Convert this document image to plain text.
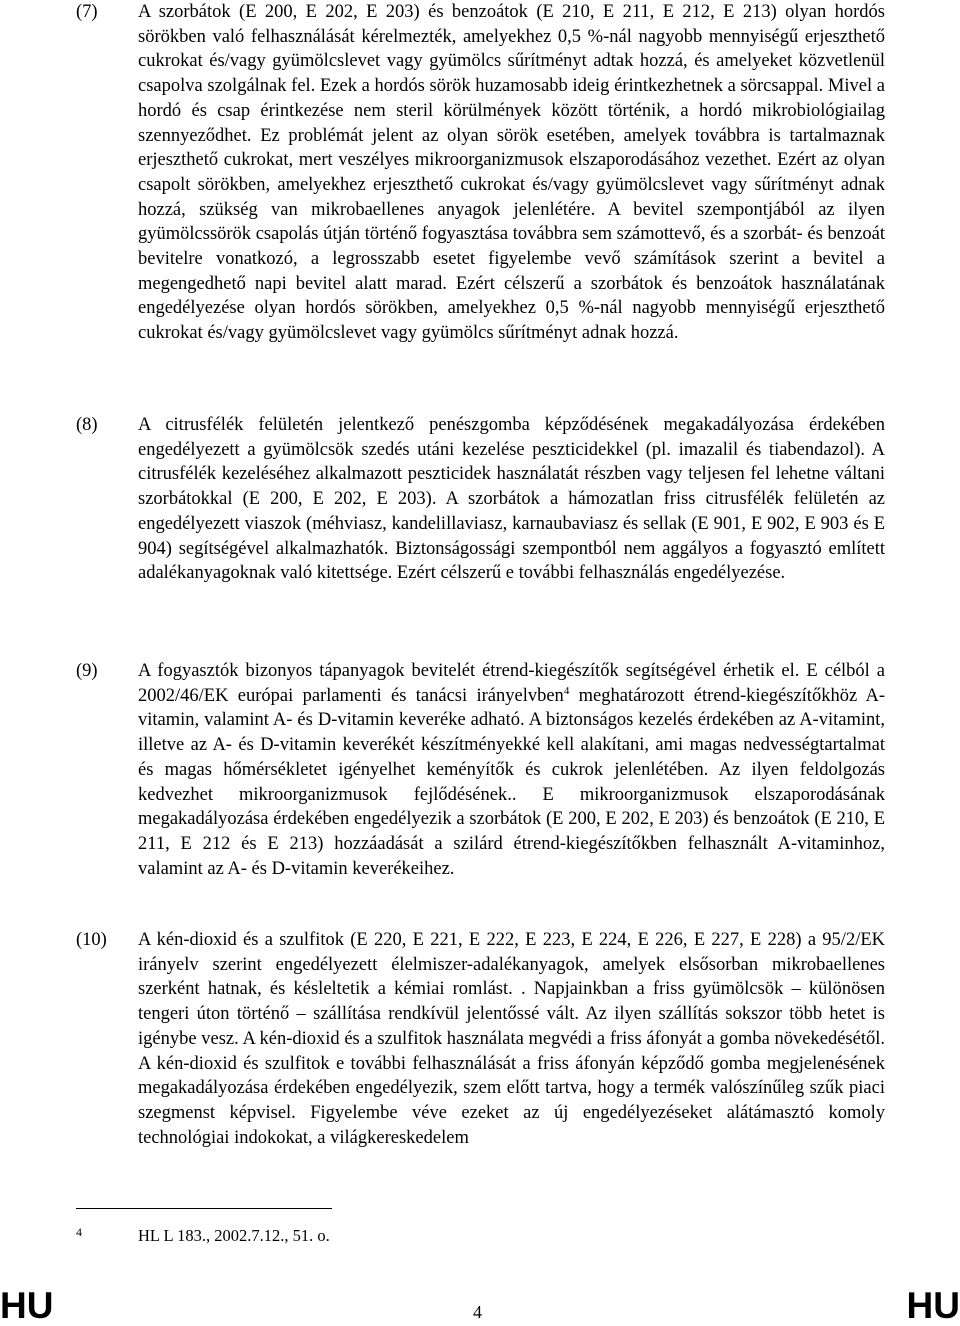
(7) A szorbátok (E 200, E 202, E 203) és benzoátok (E 210, E 211, E 212, E 213) olyan hordós sörökben való felhasználását kérelmezték, amelyekhez 0,5 %-nál nagyobb mennyiségű erjeszthető cukrokat és/vagy gyümölcslevet vagy gyümölcs sűrítményt adtak hozzá, és amelyeket közvetlenül csapolva szolgálnak fel. Ezek a hordós sörök huzamosabb ideig érintkezhetnek a sörcsappal. Mivel a hordó és csap érintkezése nem steril körülmények között történik, a hordó mikrobiológiailag szennyeződhet. Ez problémát jelent az olyan sörök esetében, amelyek továbbra is tartalmaznak erjeszthető cukrokat, mert veszélyes mikroorganizmusok elszaporodásához vezethet. Ezért az olyan csapolt sörökben, amelyekhez erjeszthető cukrokat és/vagy gyümölcslevet vagy sűrítményt adnak hozzá, szükség van mikrobaellenes anyagok jelenlétére. A bevitel szempontjából az ilyen gyümölcssörök csapolás útján történő fogyasztása továbbra sem számottevő, és a szorbát- és benzoát bevitelre vonatkozó, a legrosszabb esetet figyelembe vevő számítások szerint a bevitel a megengedhető napi bevitel alatt marad. Ezért célszerű a szorbátok és benzoátok használatának engedélyezése olyan hordós sörökben, amelyekhez 0,5 %-nál nagyobb mennyiségű erjeszthető cukrokat és/vagy gyümölcslevet vagy gyümölcs sűrítményt adnak hozzá.
(8) A citrusfélék felületén jelentkező penészgomba képződésének megakadályozása érdekében engedélyezett a gyümölcsök szedés utáni kezelése peszticidekkel (pl. imazalil és tiabendazol). A citrusfélék kezeléséhez alkalmazott peszticidek használatát részben vagy teljesen fel lehetne váltani szorbátokkal (E 200, E 202, E 203). A szorbátok a hámozatlan friss citrusfélék felületén az engedélyezett viaszok (méhviasz, kandelillaviasz, karnaubaviasz és sellak (E 901, E 902, E 903 és E 904) segítségével alkalmazhatók. Biztonságossági szempontból nem aggályos a fogyasztó említett adalékanyagoknak való kitettsége. Ezért célszerű e további felhasználás engedélyezése.
(9) A fogyasztók bizonyos tápanyagok bevitelét étrend-kiegészítők segítségével érhetik el. E célból a 2002/46/EK európai parlamenti és tanácsi irányelvben$^4$ meghatározott étrend-kiegészítőkhöz A-vitamin, valamint A- és D-vitamin keveréke adható. A biztonságos kezelés érdekében az A-vitamint, illetve az A- és D-vitamin keverékét készítményekké kell alakítani, ami magas nedvességtartalmat és magas hőmérsékletet igényelhet keményítők és cukrok jelenlétében. Az ilyen feldolgozás kedvezhet mikroorganizmusok fejlődésének.. E mikroorganizmusok elszaporodásának megakadályozása érdekében engedélyezik a szorbátok (E 200, E 202, E 203) és benzoátok (E 210, E 211, E 212 és E 213) hozzáadását a szilárd étrend-kiegészítőkben felhasznált A-vitaminhoz, valamint az A- és D-vitamin keverékeihez.
(10) A kén-dioxid és a szulfitok (E 220, E 221, E 222, E 223, E 224, E 226, E 227, E 228) a 95/2/EK irányelv szerint engedélyezett élelmiszer-adalékanyagok, amelyek elsősorban mikrobaellenes szerként hatnak, és késleltetik a kémiai romlást. . Napjainkban a friss gyümölcsök – különösen tengeri úton történő – szállítása rendkívül jelentőssé vált. Az ilyen szállítás sokszor több hetet is igénybe vesz. A kén-dioxid és a szulfitok használata megvédi a friss áfonyát a gomba növekedésétől. A kén-dioxid és szulfitok e további felhasználását a friss áfonyán képződő gomba megjelenésének megakadályozása érdekében engedélyezik, szem előtt tartva, hogy a termék valószínűleg szűk piaci szegmenst képvisel. Figyelembe véve ezeket az új engedélyezéseket alátámasztó komoly technológiai indokokat, a világkereskedelem
4	HL L 183., 2002.7.12., 51. o.
HU	4	HU
